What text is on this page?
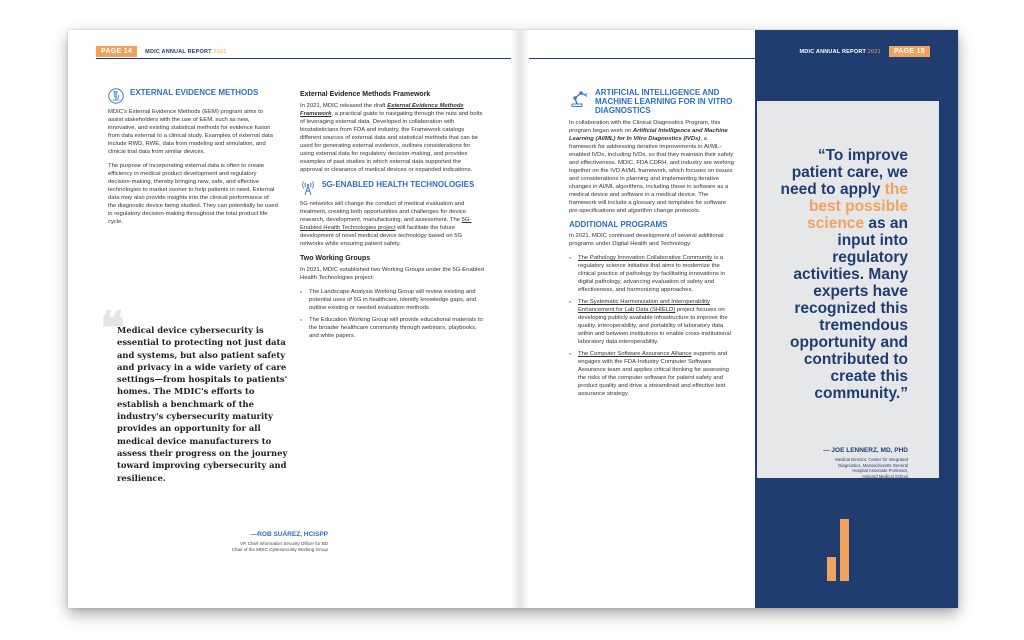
PAGE 14	MDIC ANNUAL REPORT 2021	MDIC ANNUAL REPORT 2021	PAGE 15
“To improve patient care, we need to apply the best possible science as an input into regulatory activities. Many experts have recognized this tremendous opportunity and contributed to create this community.”
— JOE LENNERZ, MD, PHD
Medical Director, Center for Integrated
Diagnostics, Massachusetts General
Hospital Associate Professor,
Harvard Medical School
EXTERNAL EVIDENCE METHODS

MDIC's External Evidence Methods (EEM) program aims to assist stakeholders with the use of EEM, such as new, innovative, and existing statistical methods for evidence fusion from data external to a clinical study. Examples of external data include RWD, RWE, data from modeling and simulation, and clinical trial data from similar devices.

The purpose of incorporating external data is often to create efficiency in medical product development and regulatory decision-making, thereby bringing new, safe, and effective technologies to market sooner to help patients in need. External data may also provide insights into the clinical performance of the diagnostic device being studied. They can potentially be used in regulatory decision-making throughout the total product life cycle.

❝
Medical device cybersecurity is essential to protecting not just data and systems, but also patient safety and privacy in a wide variety of care settings—from hospitals to patients' homes. The MDIC's efforts to establish a benchmark of the industry's cybersecurity maturity provides an opportunity for all medical device manufacturers to assess their progress on the journey toward improving cybersecurity and resilience.
—ROB SUÁREZ, HCISPP
VP, Chief Information Security Officer for BD
Chair of the MDIC Cybersecurity Working Group
External Evidence Methods Framework

In 2021, MDIC released the draft External Evidence Methods Framework, a practical guide to navigating through the nuts and bolts of leveraging external data. Developed in collaboration with biostatisticians from FDA and industry, the Framework catalogs different sources of external data and statistical methods that can be used for generating external evidence, outlines considerations for using external data for regulatory decision-making, and provides examples of past studies in which external data supported the approval or clearance of medical devices or expanded indications.

5G-ENABLED HEALTH TECHNOLOGIES

5G networks will change the conduct of medical evaluation and treatment, creating both opportunities and challenges for device research, development, manufacturing, and assessment. The 5G-Enabled Health Technologies project will facilitate the future development of novel medical device technology based on 5G networks while ensuring patient safety.

Two Working Groups

In 2021, MDIC established two Working Groups under the 5G-Enabled Health Technologies project:

■ The Landscape Analysis Working Group will review existing and potential uses of 5G in healthcare, identify knowledge gaps, and outline existing or needed evaluation methods.
■ The Education Working Group will provide educational materials to the broader healthcare community through webinars, playbooks, and white papers.
ARTIFICIAL INTELLIGENCE AND MACHINE LEARNING FOR IN VITRO DIAGNOSTICS

In collaboration with the Clinical Diagnostics Program, this program began work on Artificial Intelligence and Machine Learning (AI/ML) for In Vitro Diagnostics (IVDs), a framework for addressing iterative improvements in AI/ML-enabled IVDs, including IVDs, so that they maintain their safety and effectiveness. MDIC, FDA CDRH, and industry are working together on the IVD AI/ML framework, which focuses on issues and considerations in planning and implementing iterative changes in AI/ML algorithms, including those in software as a medical device and software in a medical device. The framework will include a glossary and templates for software pre-specifications and algorithm change protocols.

ADDITIONAL PROGRAMS

In 2021, MDIC continued development of several additional programs under Digital Health and Technology:

■ The Pathology Innovation Collaborative Community is a regulatory science initiative that aims to modernize the clinical practice of pathology by facilitating innovations in digital pathology, advancing evaluation of safety and effectiveness, and harmonizing approaches.
■ The Systematic Harmonization and Interoperability Enhancement for Lab Data (SHIELD) project focuses on developing publicly available infrastructure to improve the quality, interoperability, and portability of laboratory data within and between institutions to enable cross-institutional laboratory data interoperability.
■ The Computer Software Assurance Alliance supports and engages with the FDA-Industry Computer Software Assurance team and applies critical thinking for assessing the risks of the computer software for patient safety and product quality and drive a streamlined and effective test assurance strategy.
